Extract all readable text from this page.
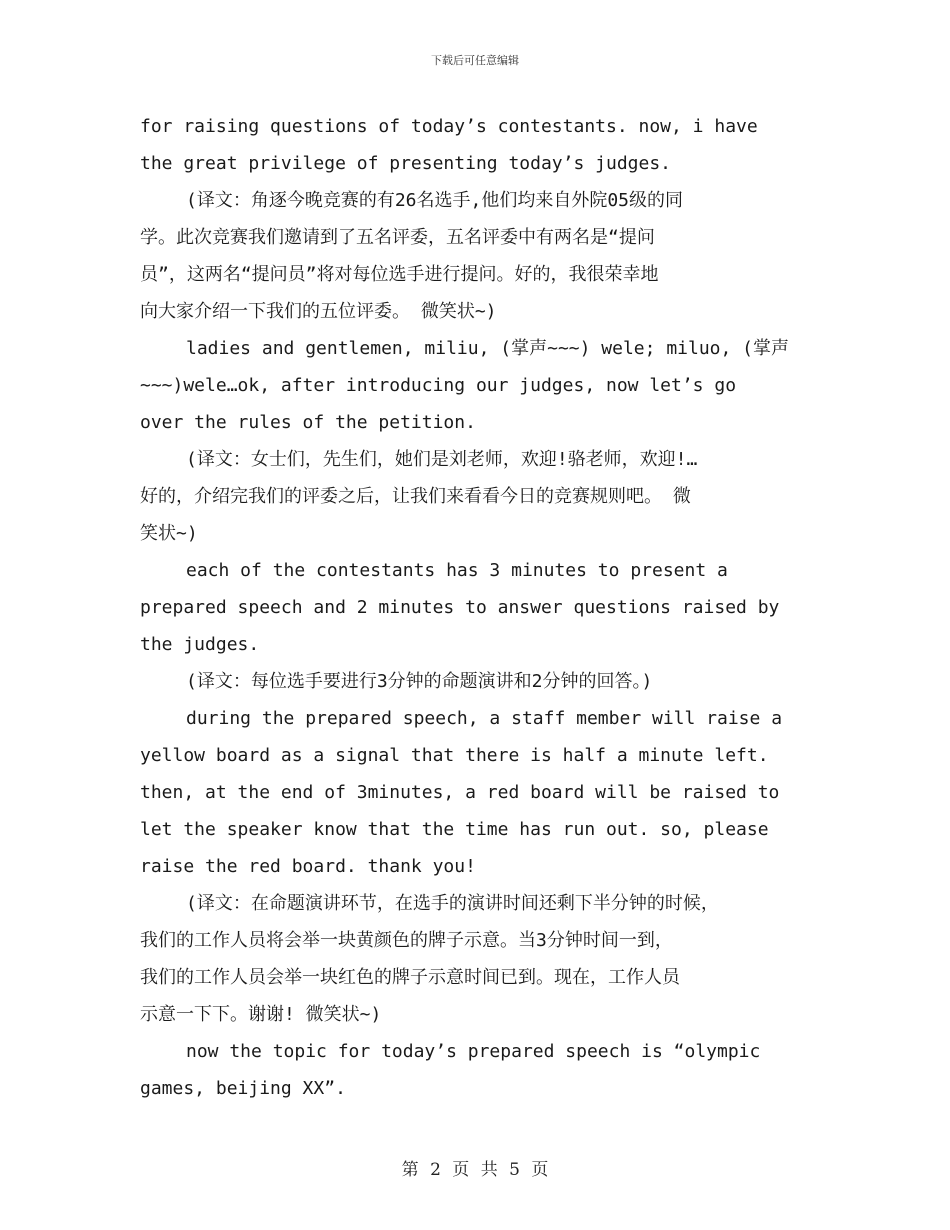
下载后可任意编辑
for raising questions of today’s contestants. now, i have
the great privilege of presenting today’s judges.
(译文：角逐今晚竞赛的有26名选手,他们均来自外院05级的同
学。此次竞赛我们邀请到了五名评委，五名评委中有两名是“提问
员”，这两名“提问员”将对每位选手进行提问。好的，我很荣幸地
向大家介绍一下我们的五位评委。 微笑状~)
ladies and gentlemen, miliu, (掌声~~~) wele; miluo, (掌声
~~~)wele…ok, after introducing our judges, now let’s go
over the rules of the petition.
(译文：女士们，先生们，她们是刘老师，欢迎!骆老师，欢迎!…
好的，介绍完我们的评委之后，让我们来看看今日的竞赛规则吧。 微
笑状~)
each of the contestants has 3 minutes to present a
prepared speech and 2 minutes to answer questions raised by
the judges.
(译文：每位选手要进行3分钟的命题演讲和2分钟的回答。)
during the prepared speech, a staff member will raise a
yellow board as a signal that there is half a minute left.
then, at the end of 3minutes, a red board will be raised to
let the speaker know that the time has run out. so, please
raise the red board. thank you!
(译文：在命题演讲环节，在选手的演讲时间还剩下半分钟的时候，
我们的工作人员将会举一块黄颜色的牌子示意。当3分钟时间一到，
我们的工作人员会举一块红色的牌子示意时间已到。现在，工作人员
示意一下下。谢谢! 微笑状~)
now the topic for today’s prepared speech is “olympic
games, beijing XX”.
第 2 页 共 5 页
